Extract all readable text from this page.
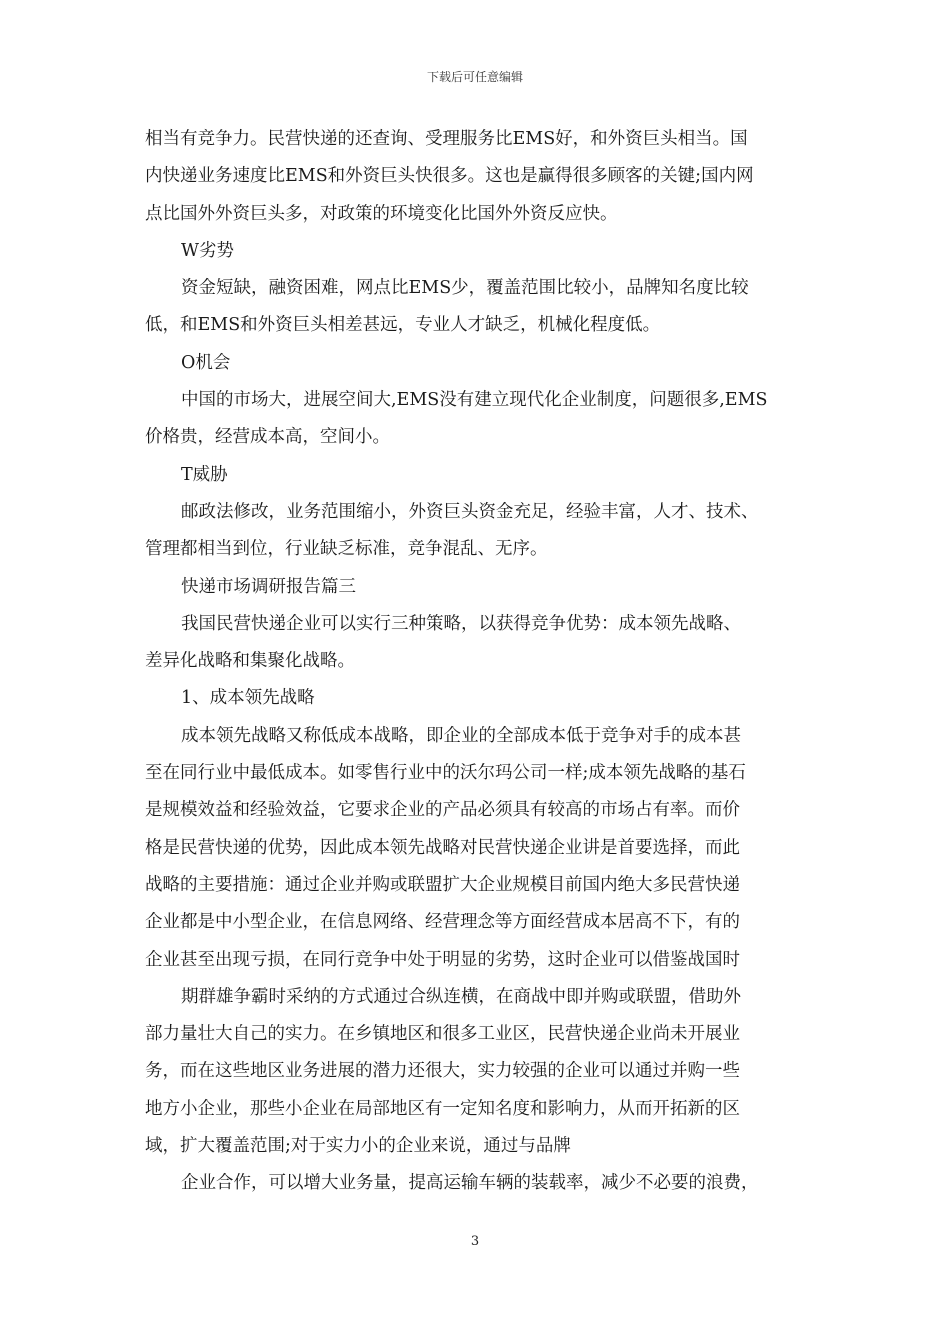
下载后可任意编辑

相当有竞争力。民营快递的还查询、受理服务比EMS好，和外资巨头相当。国

内快递业务速度比EMS和外资巨头快很多。这也是赢得很多顾客的关键;国内网

点比国外外资巨头多，对政策的环境变化比国外外资反应快。

W劣势

资金短缺，融资困难，网点比EMS少，覆盖范围比较小，品牌知名度比较

低，和EMS和外资巨头相差甚远，专业人才缺乏，机械化程度低。

O机会

中国的市场大，进展空间大,EMS没有建立现代化企业制度，问题很多,EMS

价格贵，经营成本高，空间小。

T威胁

邮政法修改，业务范围缩小，外资巨头资金充足，经验丰富，人才、技术、

管理都相当到位，行业缺乏标准，竞争混乱、无序。

快递市场调研报告篇三

我国民营快递企业可以实行三种策略，以获得竞争优势：成本领先战略、

差异化战略和集聚化战略。

1、成本领先战略

成本领先战略又称低成本战略，即企业的全部成本低于竞争对手的成本甚

至在同行业中最低成本。如零售行业中的沃尔玛公司一样;成本领先战略的基石

是规模效益和经验效益，它要求企业的产品必须具有较高的市场占有率。而价

格是民营快递的优势，因此成本领先战略对民营快递企业讲是首要选择，而此

战略的主要措施：通过企业并购或联盟扩大企业规模目前国内绝大多民营快递

企业都是中小型企业，在信息网络、经营理念等方面经营成本居高不下，有的

企业甚至出现亏损，在同行竞争中处于明显的劣势，这时企业可以借鉴战国时

期群雄争霸时采纳的方式通过合纵连横，在商战中即并购或联盟，借助外

部力量壮大自己的实力。在乡镇地区和很多工业区，民营快递企业尚未开展业

务，而在这些地区业务进展的潜力还很大，实力较强的企业可以通过并购一些

地方小企业，那些小企业在局部地区有一定知名度和影响力，从而开拓新的区

域，扩大覆盖范围;对于实力小的企业来说，通过与品牌

企业合作，可以增大业务量，提高运输车辆的装载率，减少不必要的浪费，

3
